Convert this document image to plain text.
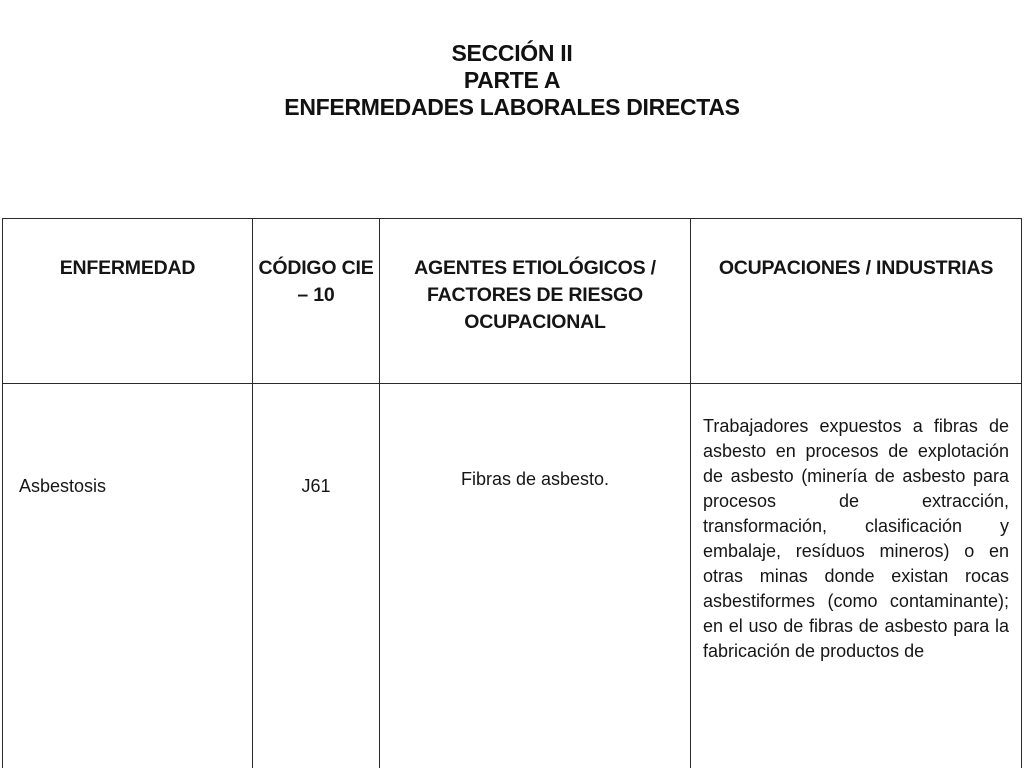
SECCIÓN II
PARTE A
ENFERMEDADES LABORALES DIRECTAS
ENFERMEDAD	CÓDIGO CIE – 10	AGENTES ETIOLÓGICOS / FACTORES DE RIESGO OCUPACIONAL	OCUPACIONES / INDUSTRIAS
Asbestosis	J61	Fibras de asbesto.	Trabajadores expuestos a fibras de asbesto en procesos de explotación de asbesto (minería de asbesto para procesos de extracción, transformación, clasificación y embalaje, resíduos mineros) o en otras minas donde existan rocas asbestiformes (como contaminante); en el uso de fibras de asbesto para la fabricación de productos de
